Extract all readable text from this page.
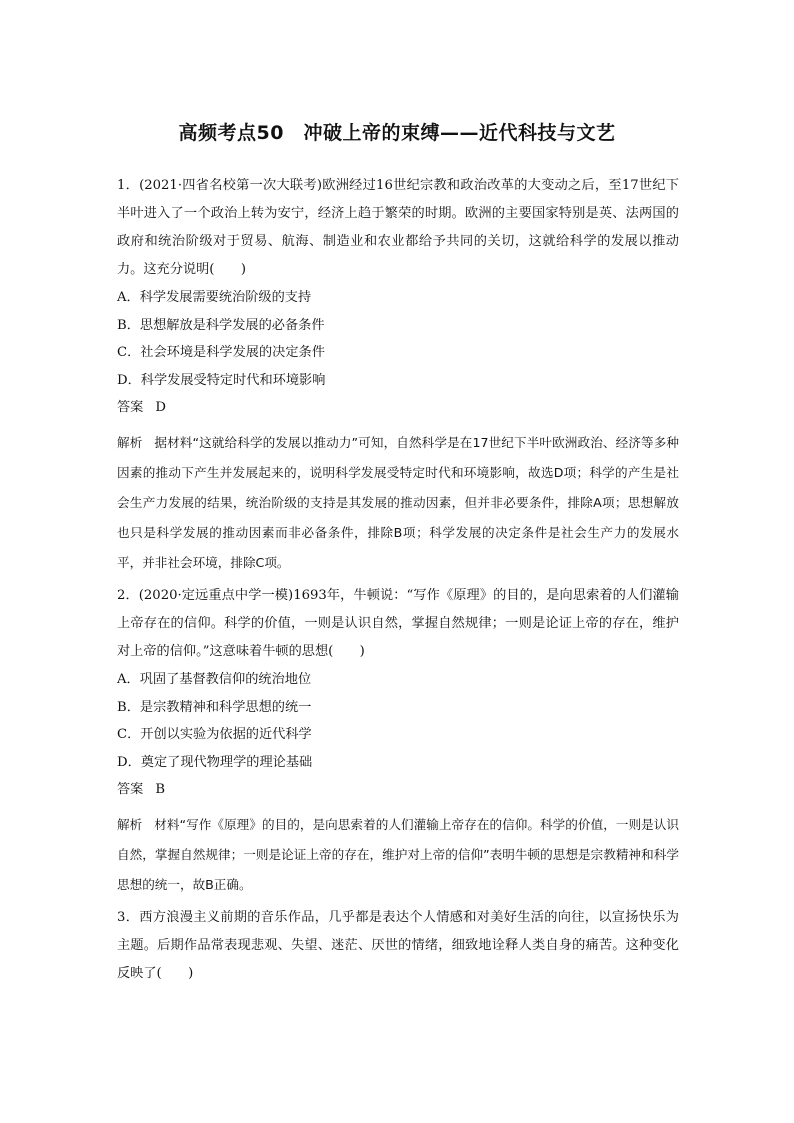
高频考点50　冲破上帝的束缚——近代科技与文艺

1．(2021·四省名校第一次大联考)欧洲经过16世纪宗教和政治改革的大变动之后，至17世纪下半叶进入了一个政治上转为安宁，经济上趋于繁荣的时期。欧洲的主要国家特别是英、法两国的政府和统治阶级对于贸易、航海、制造业和农业都给予共同的关切，这就给科学的发展以推动力。这充分说明(　　)

A．科学发展需要统治阶级的支持

B．思想解放是科学发展的必备条件

C．社会环境是科学发展的决定条件

D．科学发展受特定时代和环境影响

答案 D

解析 据材料“这就给科学的发展以推动力”可知，自然科学是在17世纪下半叶欧洲政治、经济等多种因素的推动下产生并发展起来的，说明科学发展受特定时代和环境影响，故选D项；科学的产生是社会生产力发展的结果，统治阶级的支持是其发展的推动因素，但并非必要条件，排除A项；思想解放也只是科学发展的推动因素而非必备条件，排除B项；科学发展的决定条件是社会生产力的发展水平，并非社会环境，排除C项。

2．(2020·定远重点中学一模)1693年，牛顿说：“写作《原理》的目的，是向思索着的人们灌输上帝存在的信仰。科学的价值，一则是认识自然，掌握自然规律；一则是论证上帝的存在，维护对上帝的信仰。”这意味着牛顿的思想(　　)

A．巩固了基督教信仰的统治地位

B．是宗教精神和科学思想的统一

C．开创以实验为依据的近代科学

D．奠定了现代物理学的理论基础

答案 B

解析 材料“写作《原理》的目的，是向思索着的人们灌输上帝存在的信仰。科学的价值，一则是认识自然，掌握自然规律；一则是论证上帝的存在，维护对上帝的信仰”表明牛顿的思想是宗教精神和科学思想的统一，故B正确。

3．西方浪漫主义前期的音乐作品，几乎都是表达个人情感和对美好生活的向往，以宣扬快乐为主题。后期作品常表现悲观、失望、迷茫、厌世的情绪，细致地诠释人类自身的痛苦。这种变化反映了(　　)
